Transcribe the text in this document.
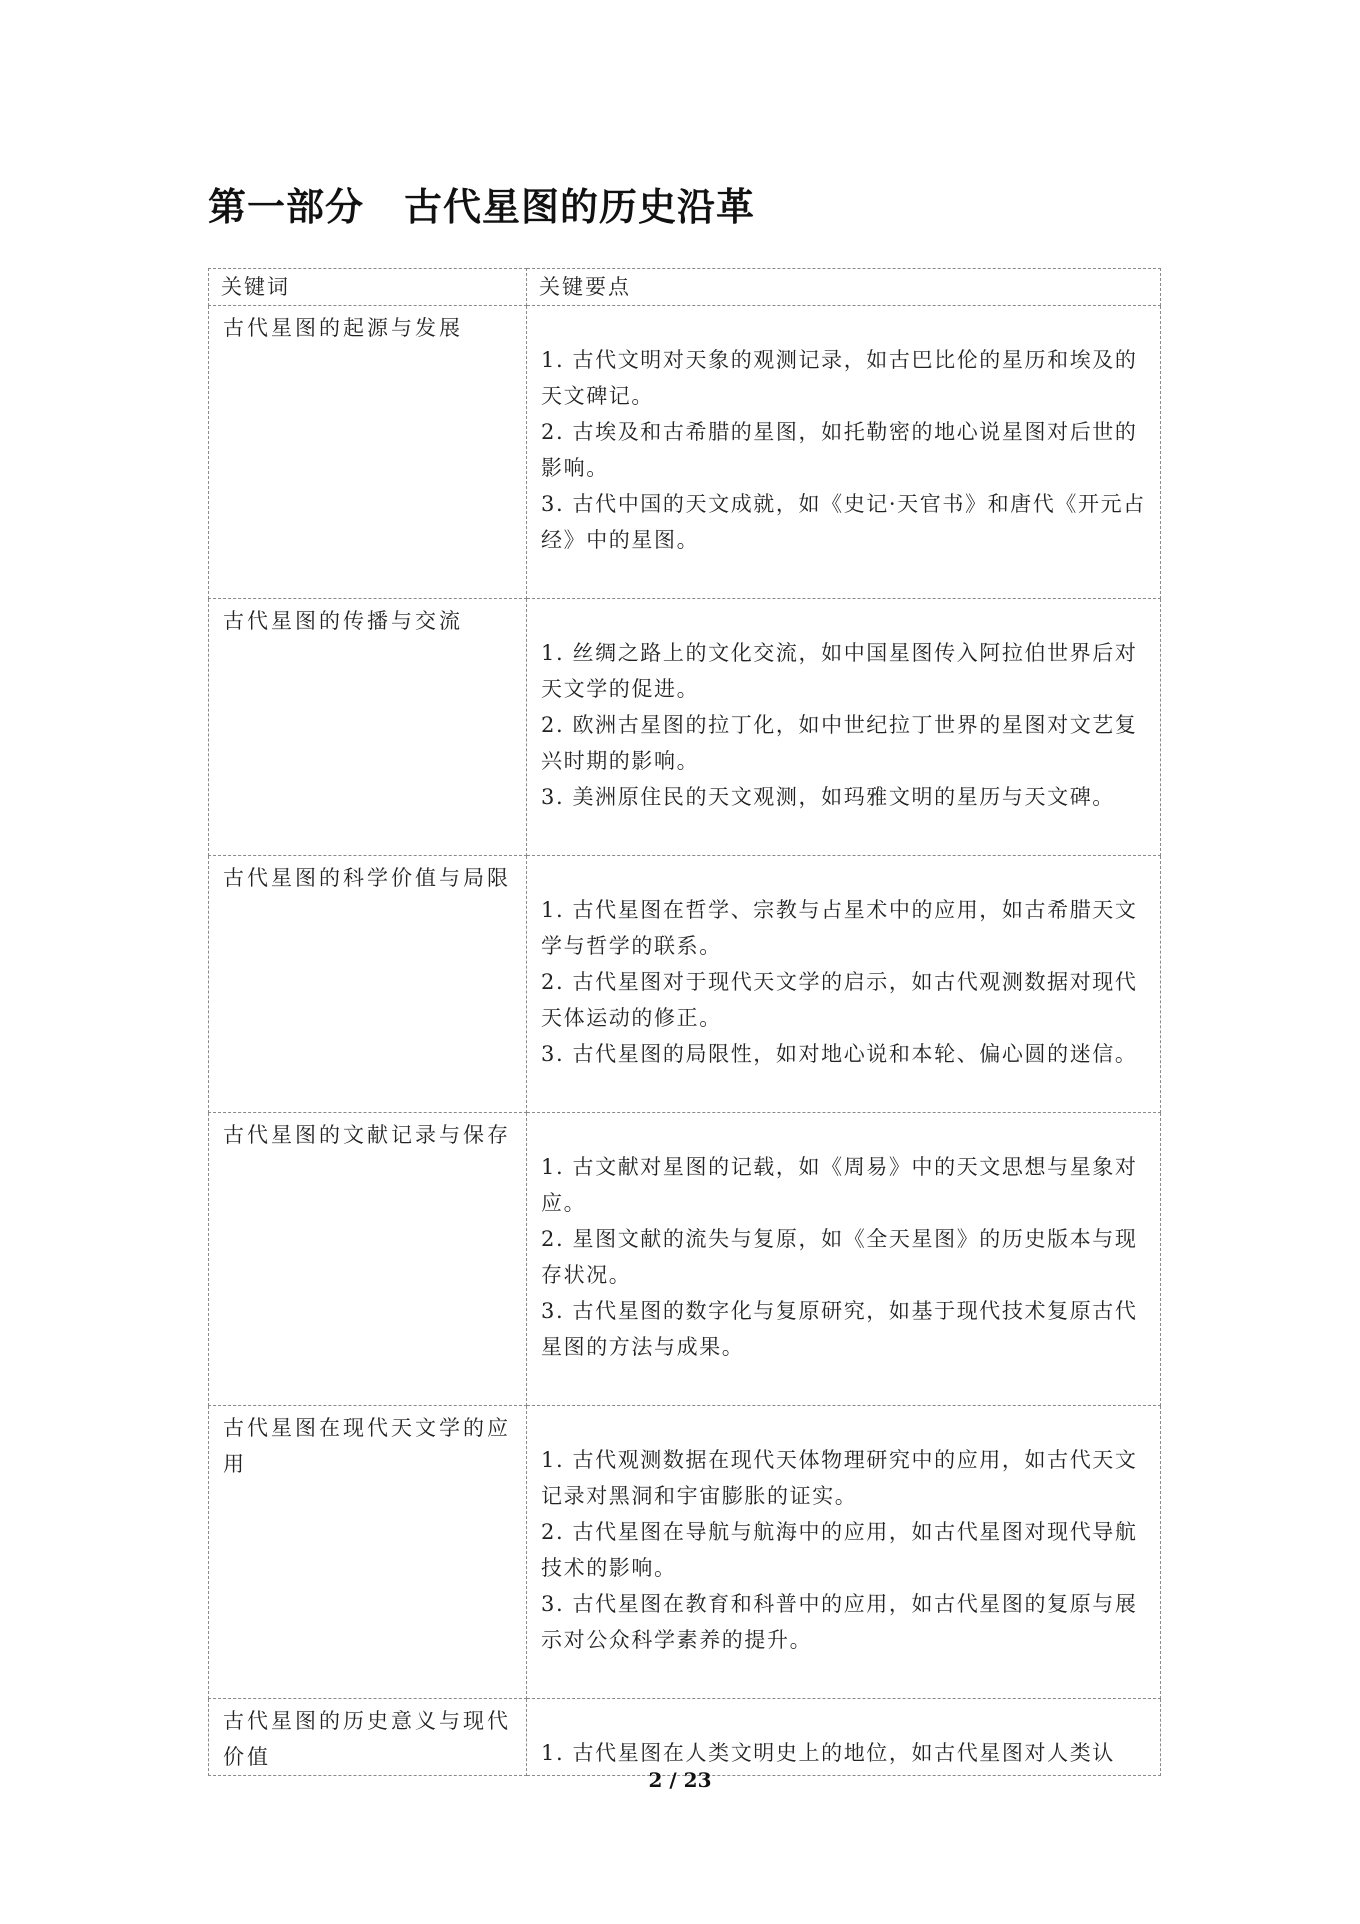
第一部分 古代星图的历史沿革
关键词	关键要点
古代星图的起源与发展	1. 古代文明对天象的观测记录，如古巴比伦的星历和埃及的天文碑记。
2. 古埃及和古希腊的星图，如托勒密的地心说星图对后世的影响。
3. 古代中国的天文成就，如《史记·天官书》和唐代《开元占经》中的星图。

古代星图的传播与交流	1. 丝绸之路上的文化交流，如中国星图传入阿拉伯世界后对天文学的促进。
2. 欧洲古星图的拉丁化，如中世纪拉丁世界的星图对文艺复兴时期的影响。
3. 美洲原住民的天文观测，如玛雅文明的星历与天文碑。

古代星图的科学价值与局限	1. 古代星图在哲学、宗教与占星术中的应用，如古希腊天文学与哲学的联系。
2. 古代星图对于现代天文学的启示，如古代观测数据对现代天体运动的修正。
3. 古代星图的局限性，如对地心说和本轮、偏心圆的迷信。

古代星图的文献记录与保存	1. 古文献对星图的记载，如《周易》中的天文思想与星象对应。
2. 星图文献的流失与复原，如《全天星图》的历史版本与现存状况。
3. 古代星图的数字化与复原研究，如基于现代技术复原古代星图的方法与成果。

古代星图在现代天文学的应用	1. 古代观测数据在现代天体物理研究中的应用，如古代天文记录对黑洞和宇宙膨胀的证实。
2. 古代星图在导航与航海中的应用，如古代星图对现代导航技术的影响。
3. 古代星图在教育和科普中的应用，如古代星图的复原与展示对公众科学素养的提升。

古代星图的历史意义与现代价值	1. 古代星图在人类文明史上的地位，如古代星图对人类认
2 / 23
